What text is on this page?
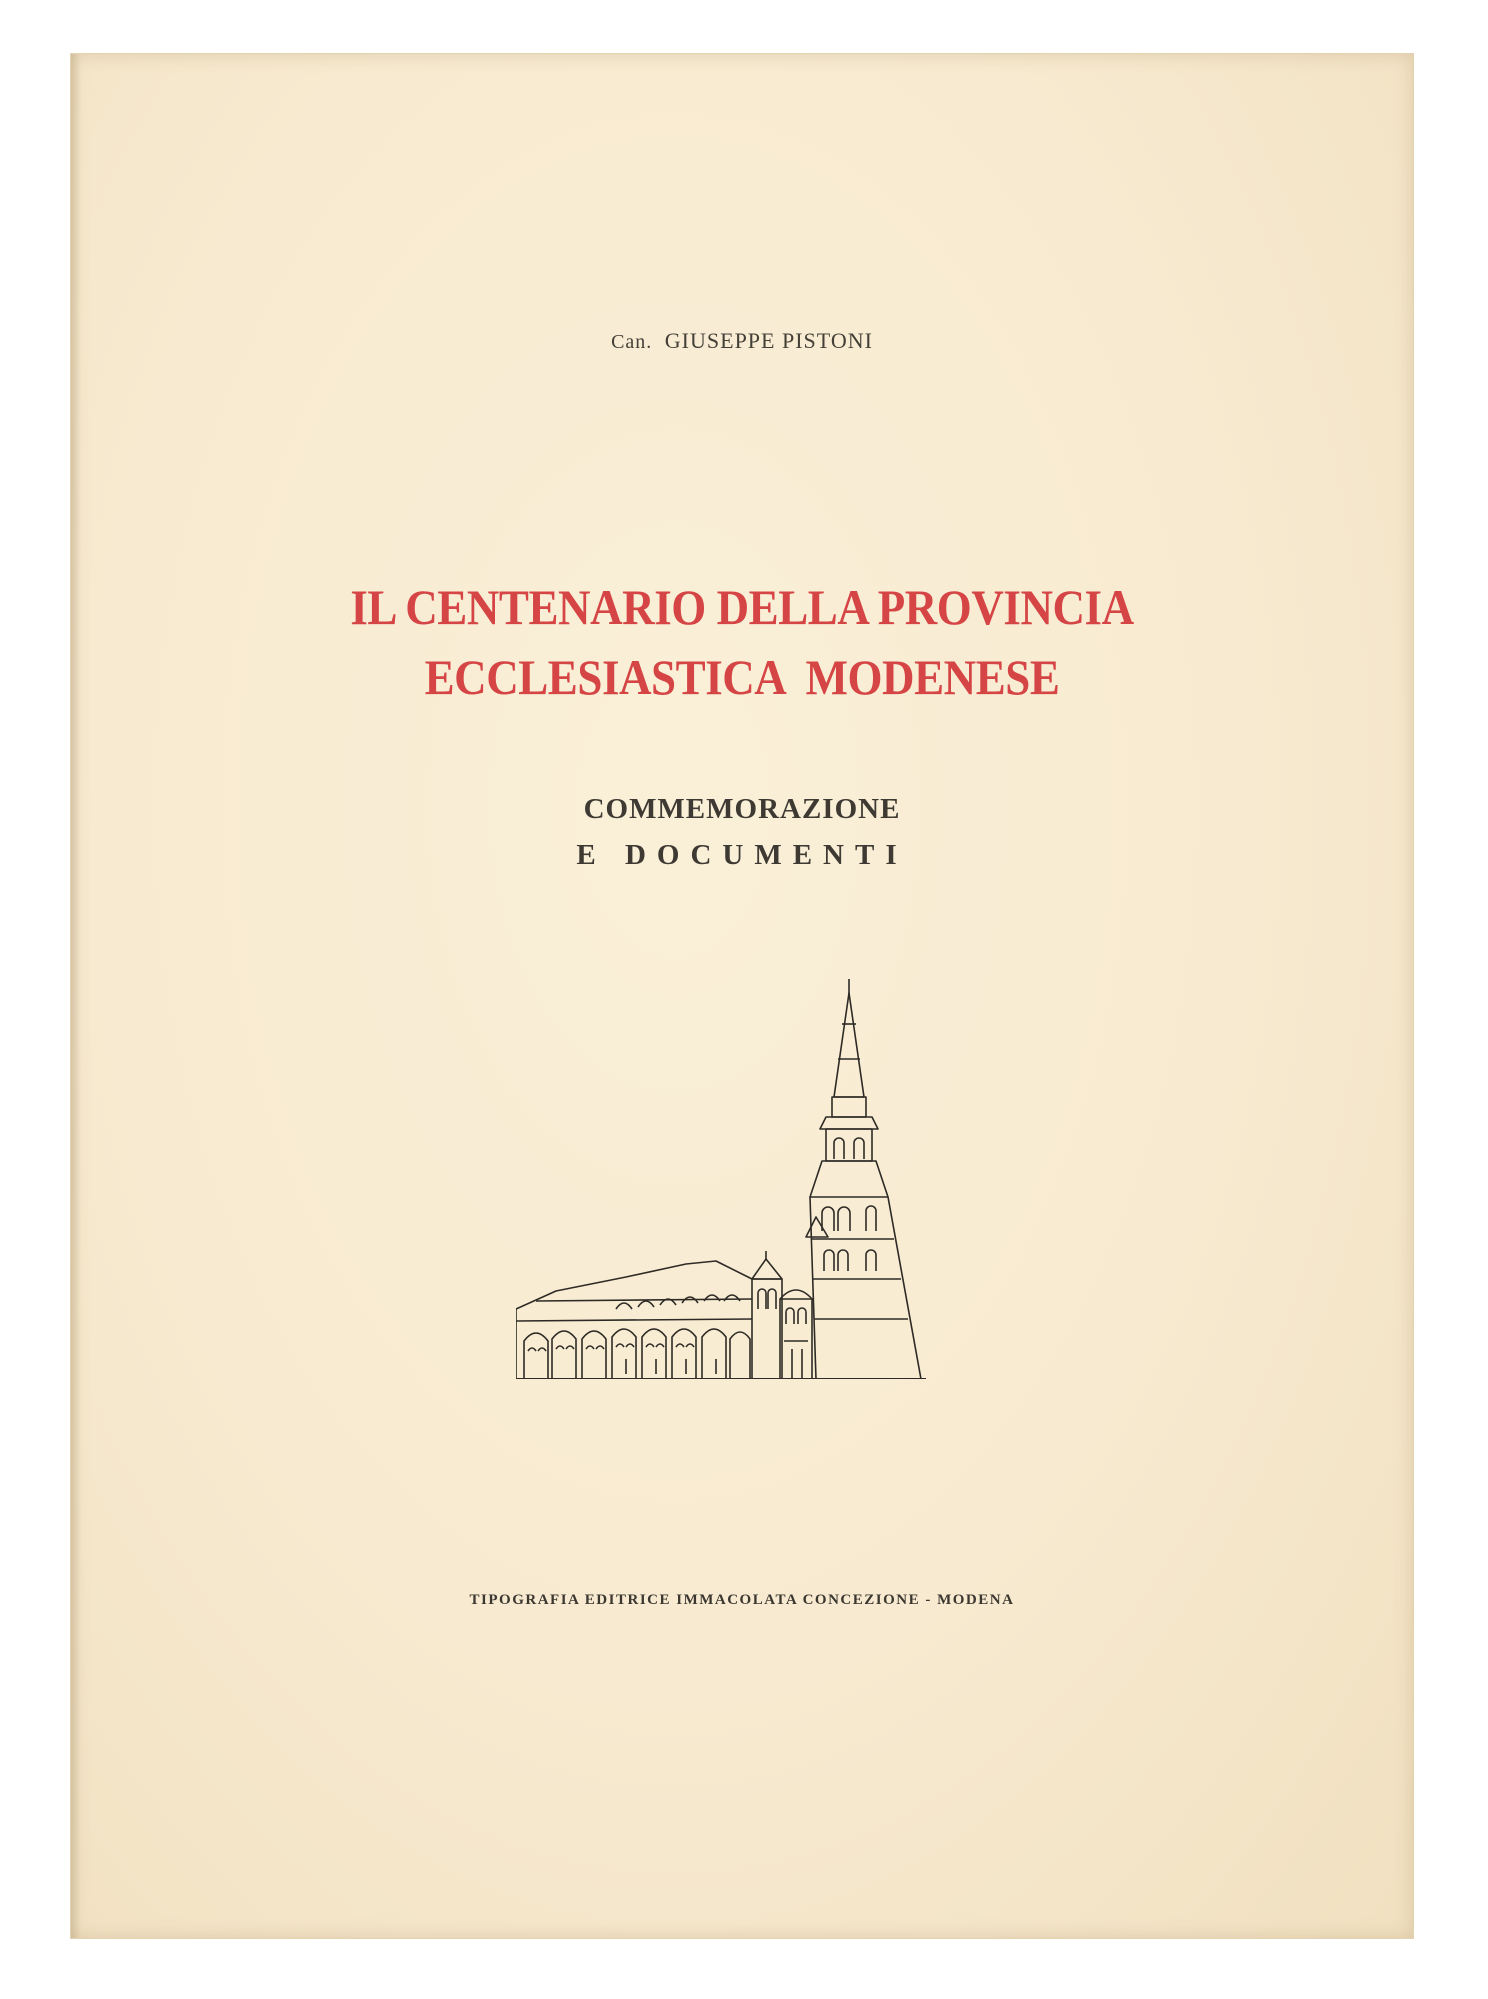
Can. GIUSEPPE PISTONI
IL CENTENARIO DELLA PROVINCIA
ECCLESIASTICA  MODENESE
COMMEMORAZIONE
E DOCUMENTI
TIPOGRAFIA EDITRICE IMMACOLATA CONCEZIONE - MODENA
